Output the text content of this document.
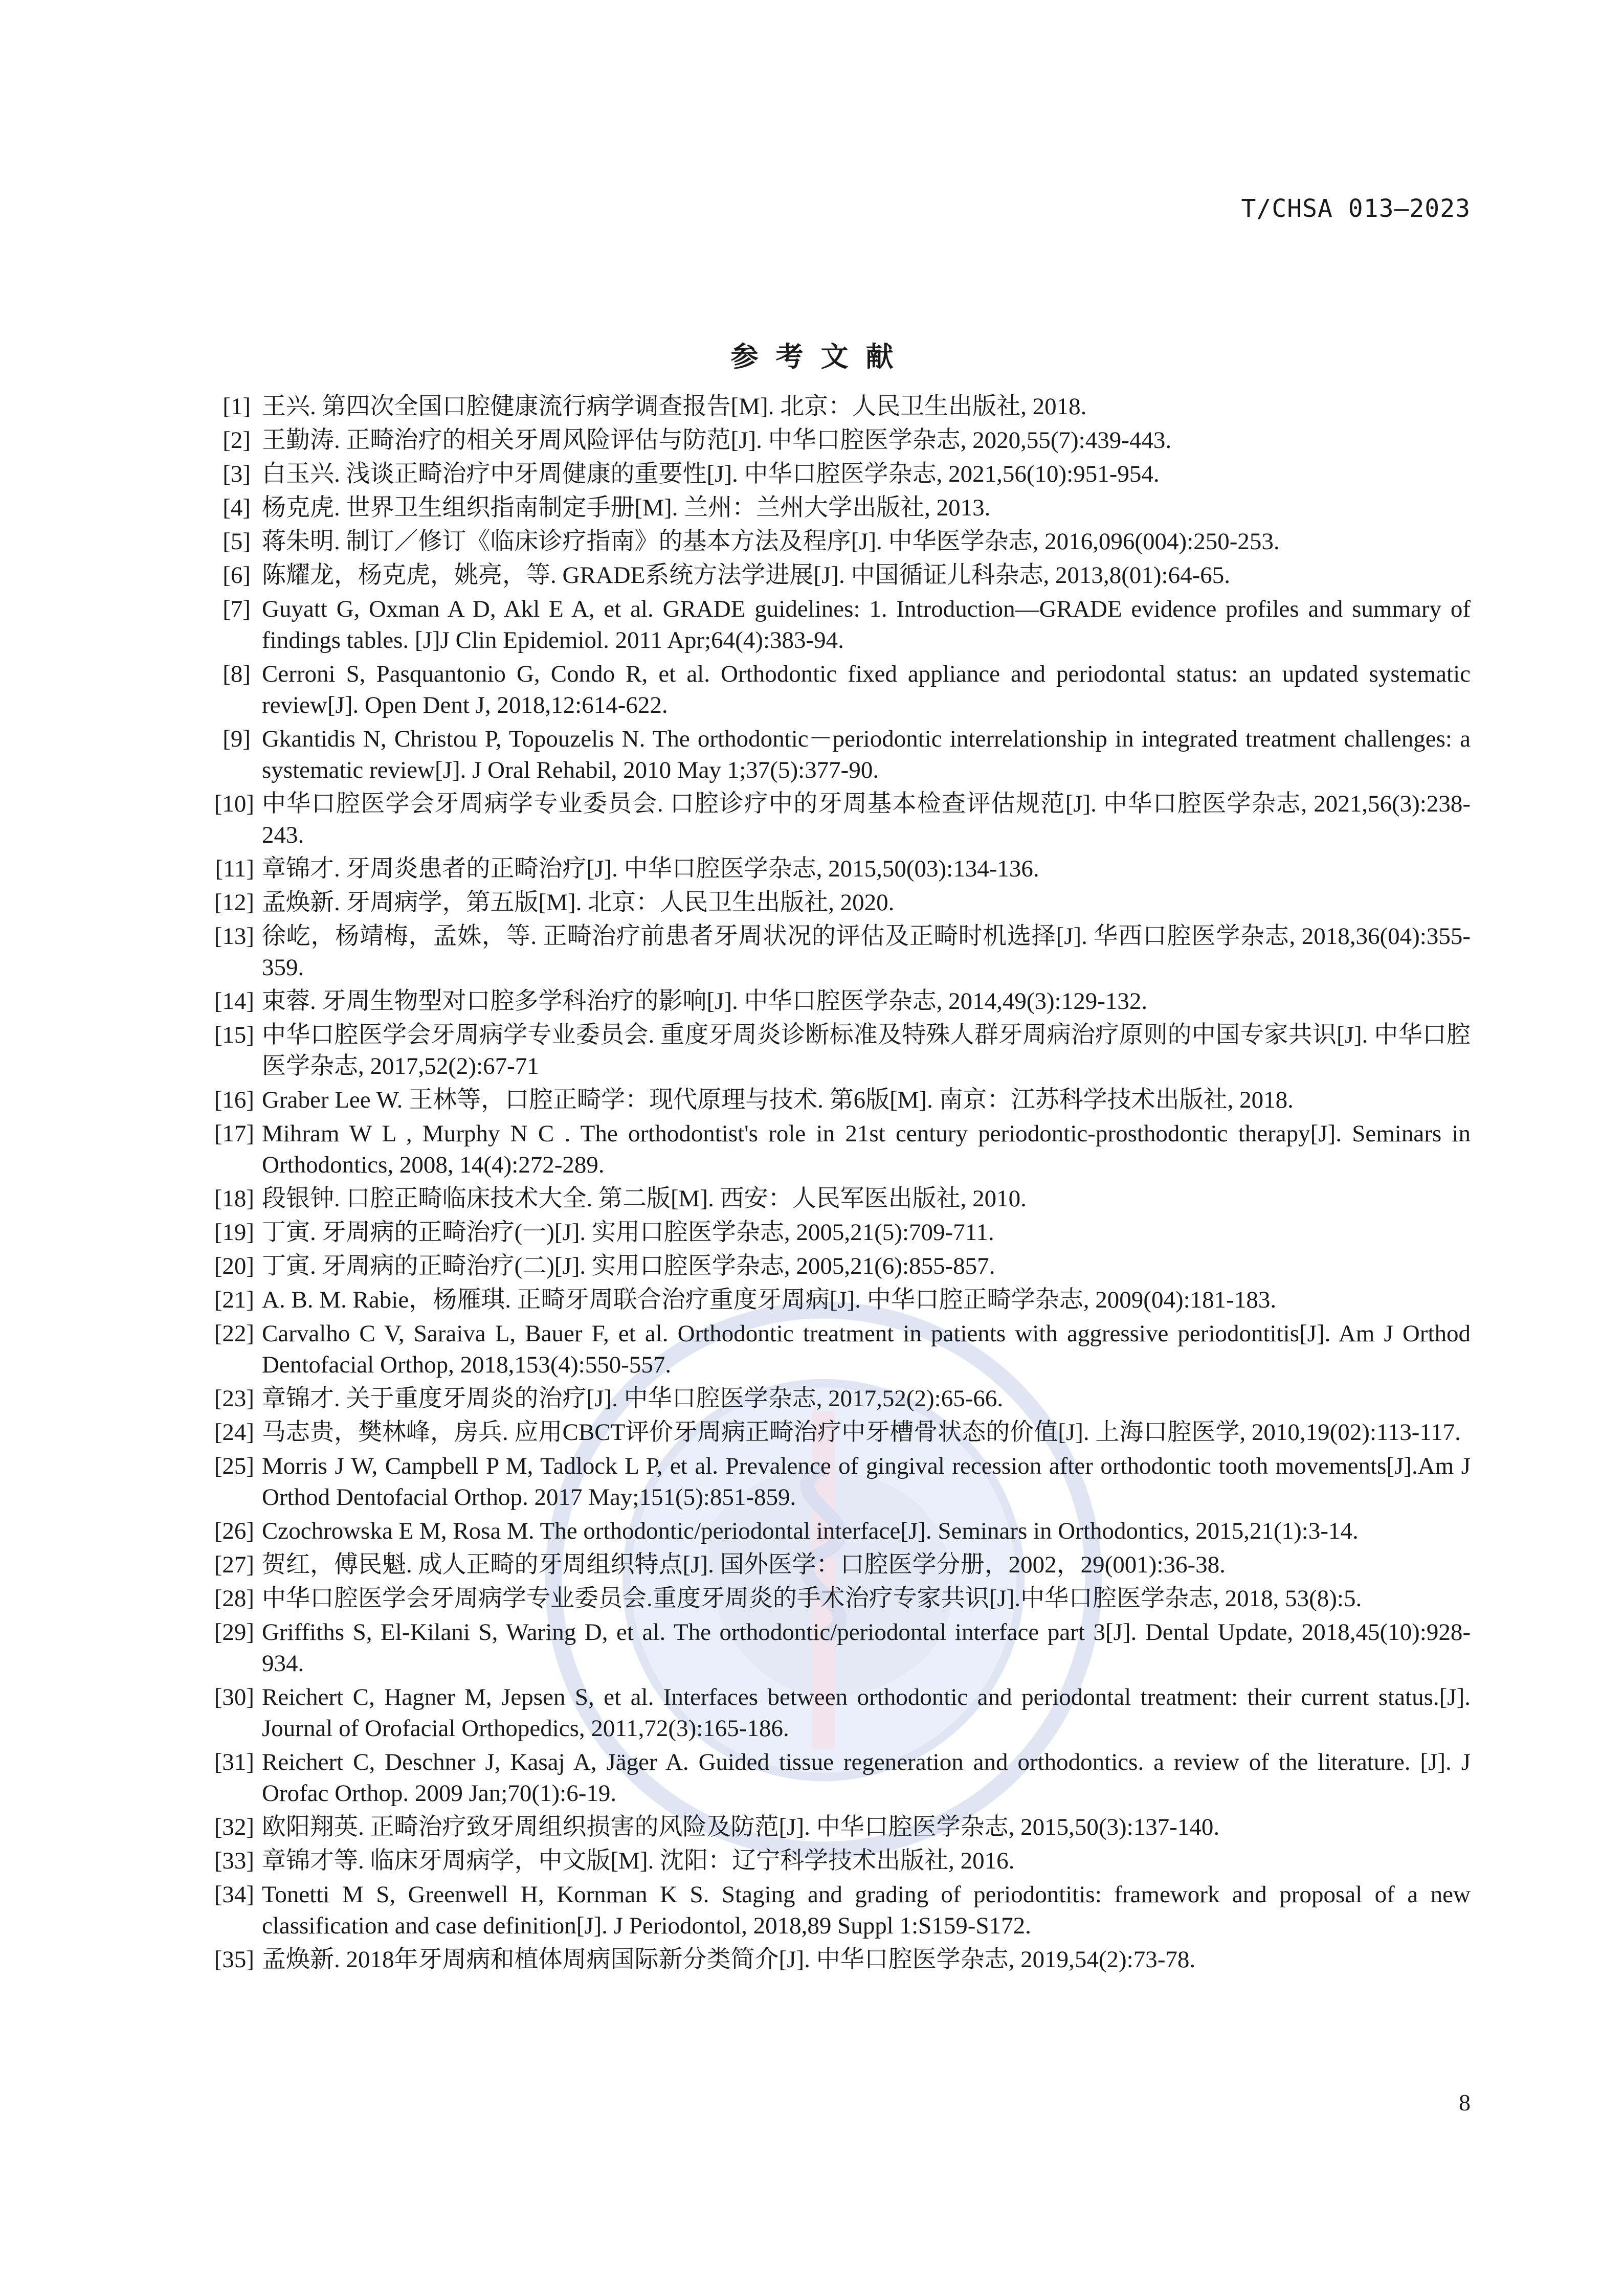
T/CHSA 013—2023
参考文献
[1] 王兴. 第四次全国口腔健康流行病学调查报告[M]. 北京：人民卫生出版社, 2018.
[2] 王勤涛. 正畸治疗的相关牙周风险评估与防范[J]. 中华口腔医学杂志, 2020,55(7):439-443.
[3] 白玉兴. 浅谈正畸治疗中牙周健康的重要性[J]. 中华口腔医学杂志, 2021,56(10):951-954.
[4] 杨克虎. 世界卫生组织指南制定手册[M]. 兰州：兰州大学出版社, 2013.
[5] 蒋朱明. 制订／修订《临床诊疗指南》的基本方法及程序[J]. 中华医学杂志, 2016,096(004):250-253.
[6] 陈耀龙，杨克虎，姚亮，等. GRADE系统方法学进展[J]. 中国循证儿科杂志, 2013,8(01):64-65.
[7] Guyatt G, Oxman A D, Akl E A, et al. GRADE guidelines: 1. Introduction—GRADE evidence profiles and summary of findings tables. [J]J Clin Epidemiol. 2011 Apr;64(4):383-94.
[8] Cerroni S, Pasquantonio G, Condo R, et al. Orthodontic fixed appliance and periodontal status: an updated systematic review[J]. Open Dent J, 2018,12:614-622.
[9] Gkantidis N, Christou P, Topouzelis N. The orthodontic－periodontic interrelationship in integrated treatment challenges: a systematic review[J]. J Oral Rehabil, 2010 May 1;37(5):377-90.
[10] 中华口腔医学会牙周病学专业委员会. 口腔诊疗中的牙周基本检查评估规范[J]. 中华口腔医学杂志, 2021,56(3):238-243.
[11] 章锦才. 牙周炎患者的正畸治疗[J]. 中华口腔医学杂志, 2015,50(03):134-136.
[12] 孟焕新. 牙周病学，第五版[M]. 北京：人民卫生出版社, 2020.
[13] 徐屹，杨靖梅，孟姝，等. 正畸治疗前患者牙周状况的评估及正畸时机选择[J]. 华西口腔医学杂志, 2018,36(04):355-359.
[14] 束蓉. 牙周生物型对口腔多学科治疗的影响[J]. 中华口腔医学杂志, 2014,49(3):129-132.
[15] 中华口腔医学会牙周病学专业委员会. 重度牙周炎诊断标准及特殊人群牙周病治疗原则的中国专家共识[J]. 中华口腔医学杂志, 2017,52(2):67-71
[16] Graber Lee W. 王林等，口腔正畸学：现代原理与技术. 第6版[M]. 南京：江苏科学技术出版社, 2018.
[17] Mihram W L , Murphy N C . The orthodontist's role in 21st century periodontic-prosthodontic therapy[J]. Seminars in Orthodontics, 2008, 14(4):272-289.
[18] 段银钟. 口腔正畸临床技术大全. 第二版[M]. 西安：人民军医出版社, 2010.
[19] 丁寅. 牙周病的正畸治疗(一)[J]. 实用口腔医学杂志, 2005,21(5):709-711.
[20] 丁寅. 牙周病的正畸治疗(二)[J]. 实用口腔医学杂志, 2005,21(6):855-857.
[21] A. B. M. Rabie，杨雁琪. 正畸牙周联合治疗重度牙周病[J]. 中华口腔正畸学杂志, 2009(04):181-183.
[22] Carvalho C V, Saraiva L, Bauer F, et al. Orthodontic treatment in patients with aggressive periodontitis[J]. Am J Orthod Dentofacial Orthop, 2018,153(4):550-557.
[23] 章锦才. 关于重度牙周炎的治疗[J]. 中华口腔医学杂志, 2017,52(2):65-66.
[24] 马志贵，樊林峰，房兵. 应用CBCT评价牙周病正畸治疗中牙槽骨状态的价值[J]. 上海口腔医学, 2010,19(02):113-117.
[25] Morris J W, Campbell P M, Tadlock L P, et al. Prevalence of gingival recession after orthodontic tooth movements[J].Am J Orthod Dentofacial Orthop. 2017 May;151(5):851-859.
[26] Czochrowska E M, Rosa M. The orthodontic/periodontal interface[J]. Seminars in Orthodontics, 2015,21(1):3-14.
[27] 贺红，傅民魁. 成人正畸的牙周组织特点[J]. 国外医学：口腔医学分册，2002，29(001):36-38.
[28] 中华口腔医学会牙周病学专业委员会.重度牙周炎的手术治疗专家共识[J].中华口腔医学杂志, 2018, 53(8):5.
[29] Griffiths S, El-Kilani S, Waring D, et al. The orthodontic/periodontal interface part 3[J]. Dental Update, 2018,45(10):928-934.
[30] Reichert C, Hagner M, Jepsen S, et al. Interfaces between orthodontic and periodontal treatment: their current status.[J]. Journal of Orofacial Orthopedics, 2011,72(3):165-186.
[31] Reichert C, Deschner J, Kasaj A, Jäger A. Guided tissue regeneration and orthodontics. a review of the literature. [J]. J Orofac Orthop. 2009 Jan;70(1):6-19.
[32] 欧阳翔英. 正畸治疗致牙周组织损害的风险及防范[J]. 中华口腔医学杂志, 2015,50(3):137-140.
[33] 章锦才等. 临床牙周病学，中文版[M]. 沈阳：辽宁科学技术出版社, 2016.
[34] Tonetti M S, Greenwell H, Kornman K S. Staging and grading of periodontitis: framework and proposal of a new classification and case definition[J]. J Periodontol, 2018,89 Suppl 1:S159-S172.
[35] 孟焕新. 2018年牙周病和植体周病国际新分类简介[J]. 中华口腔医学杂志, 2019,54(2):73-78.
8
